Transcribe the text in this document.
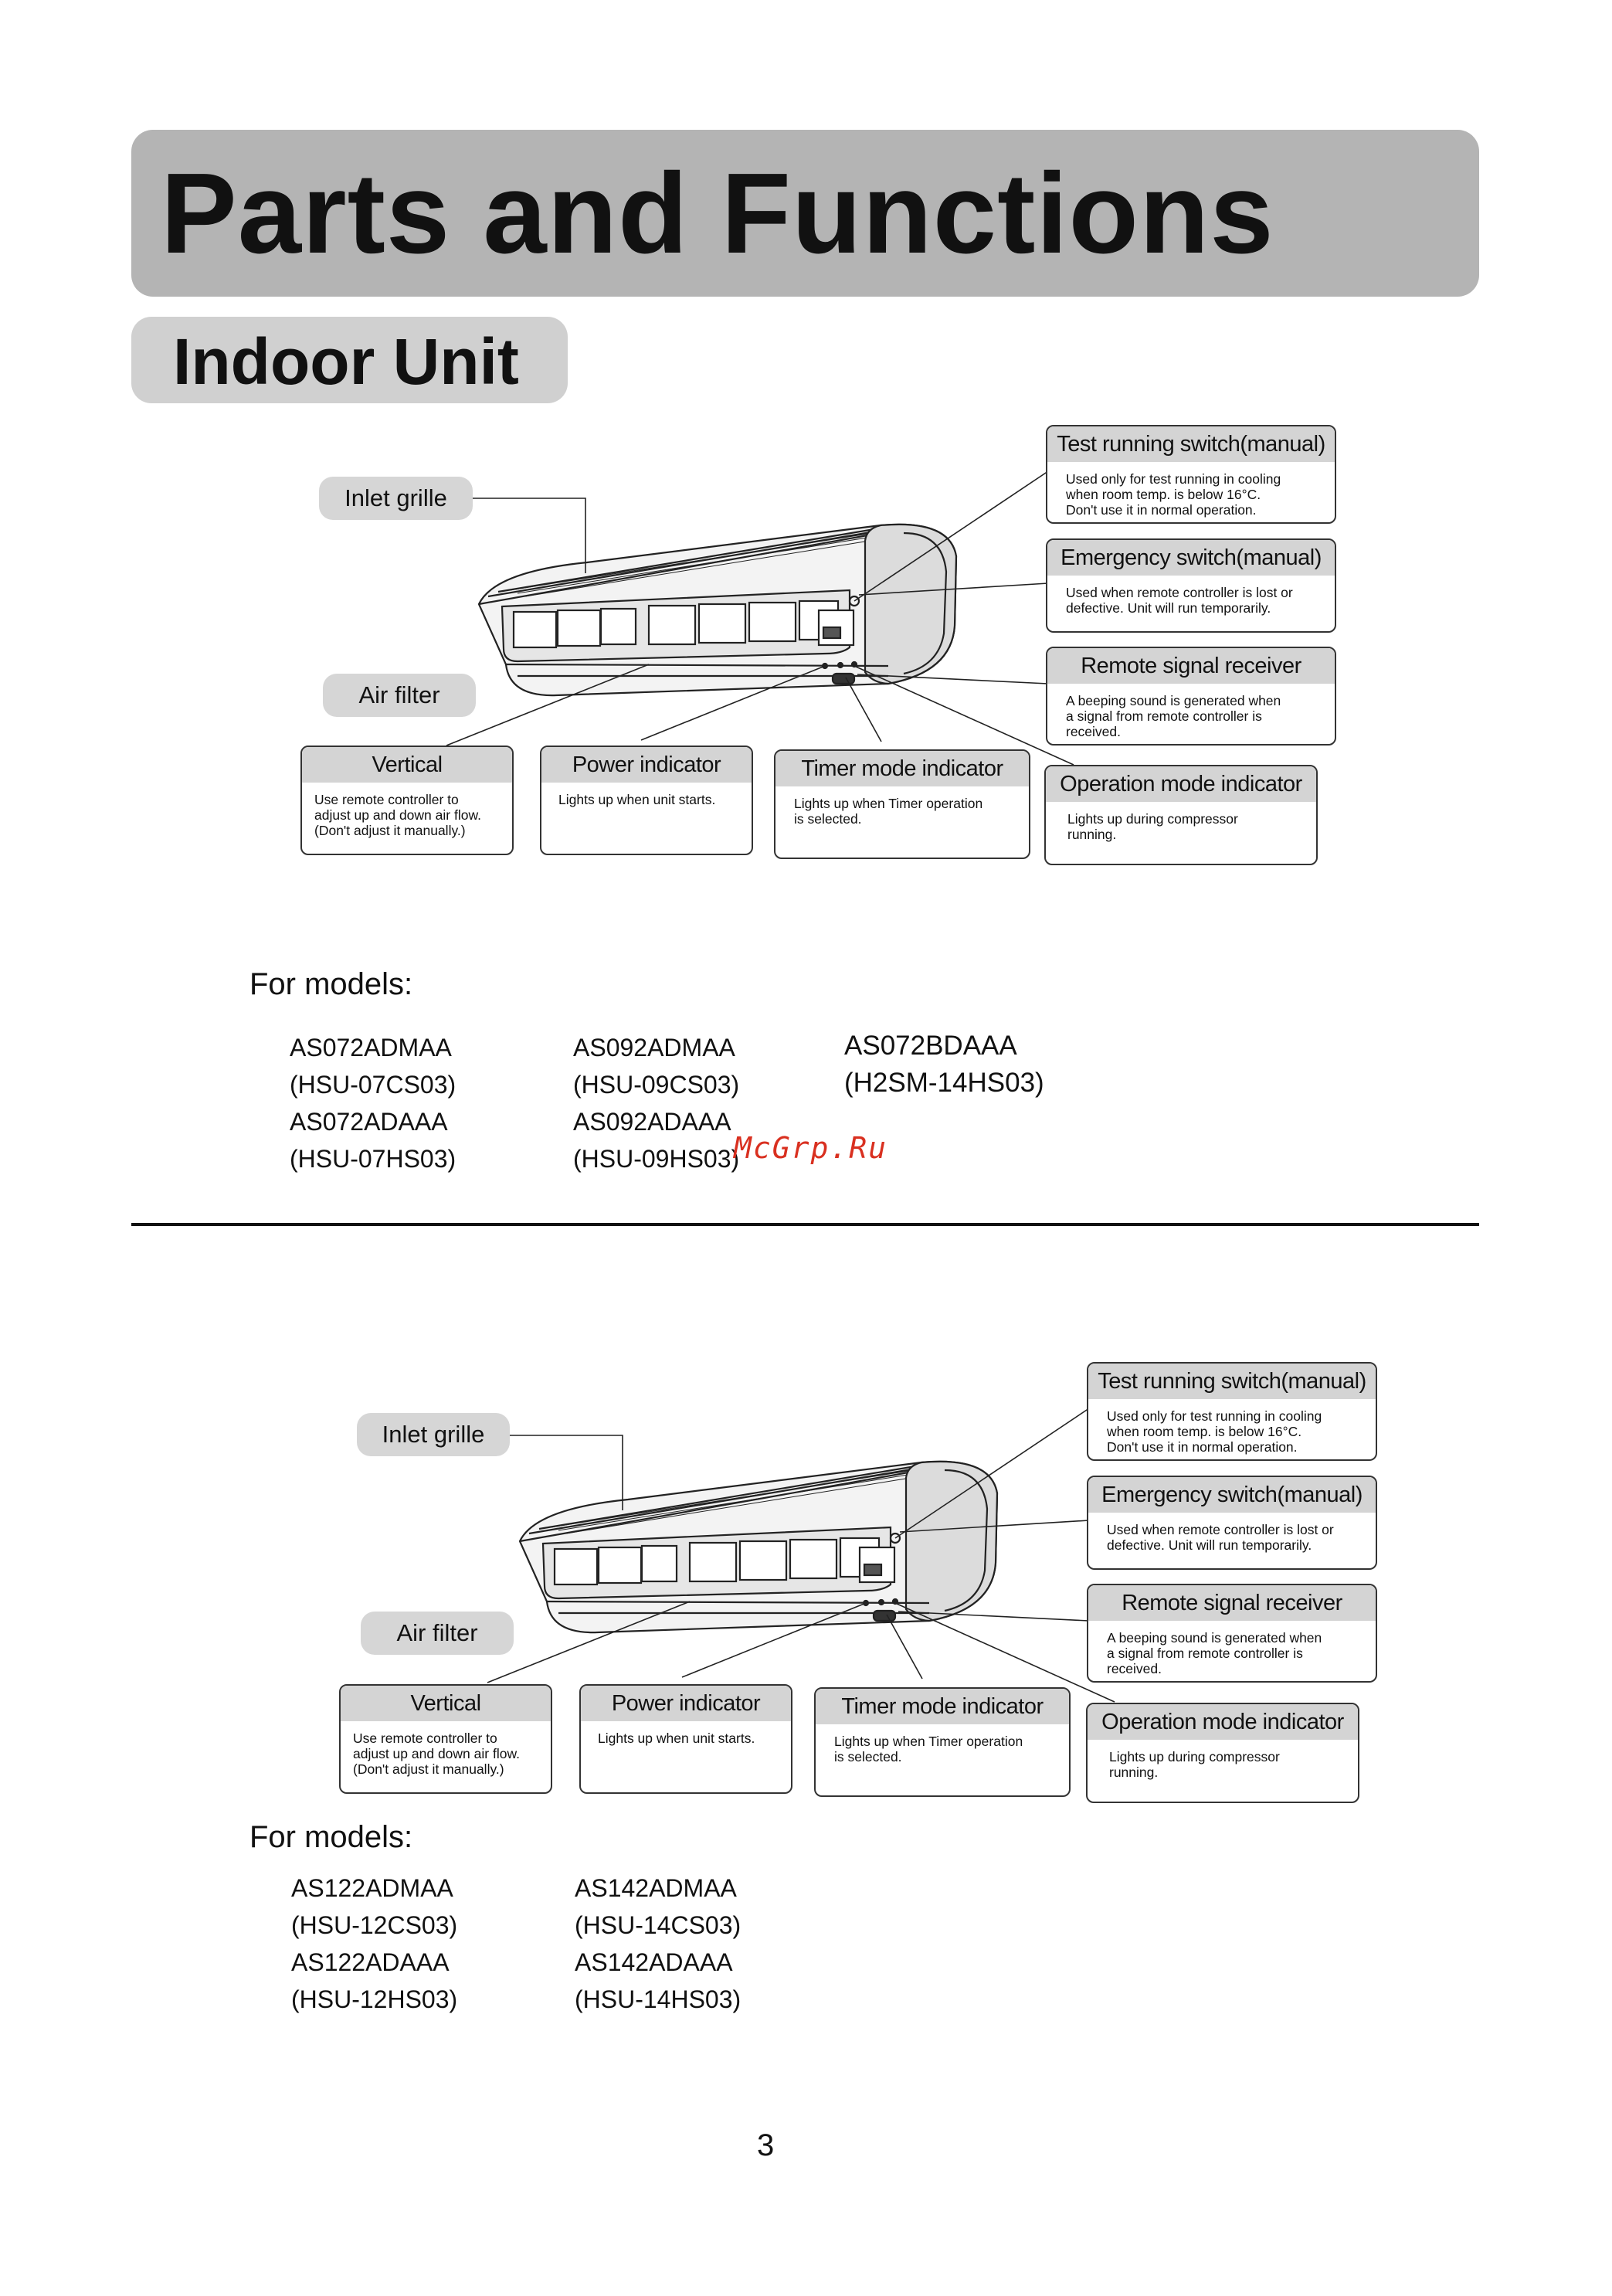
Parts and Functions
Indoor Unit
Inlet grille
Air filter
Vertical
Use remote controller to
adjust up and down air flow.
(Don't adjust it manually.)
Power indicator
Lights up when unit starts.
Timer mode indicator
Lights up when Timer operation
is selected.
Test running switch(manual)
Used only for test running in cooling
when room temp. is below 16°C.
Don't use it in normal operation.
Emergency switch(manual)
Used when remote controller is lost or
defective. Unit will run temporarily.
Remote signal receiver
A beeping sound is generated when
a signal from remote controller is
received.
Operation mode indicator
Lights up during compressor
running.
For models:
AS072ADMAA
(HSU-07CS03)
AS072ADAAA
(HSU-07HS03)
AS092ADMAA
(HSU-09CS03)
AS092ADAAA
(HSU-09HS03)
AS072BDAAA
(H2SM-14HS03)
McGrp.Ru
Inlet grille
Air filter
Vertical
Use remote controller to
adjust up and down air flow.
(Don't adjust it manually.)
Power indicator
Lights up when unit starts.
Timer mode indicator
Lights up when Timer operation
is selected.
Test running switch(manual)
Used only for test running in cooling
when room temp. is below 16°C.
Don't use it in normal operation.
Emergency switch(manual)
Used when remote controller is lost or
defective. Unit will run temporarily.
Remote signal receiver
A beeping sound is generated when
a signal from remote controller is
received.
Operation mode indicator
Lights up during compressor
running.
For models:
AS122ADMAA
(HSU-12CS03)
AS122ADAAA
(HSU-12HS03)
AS142ADMAA
(HSU-14CS03)
AS142ADAAA
(HSU-14HS03)
3
